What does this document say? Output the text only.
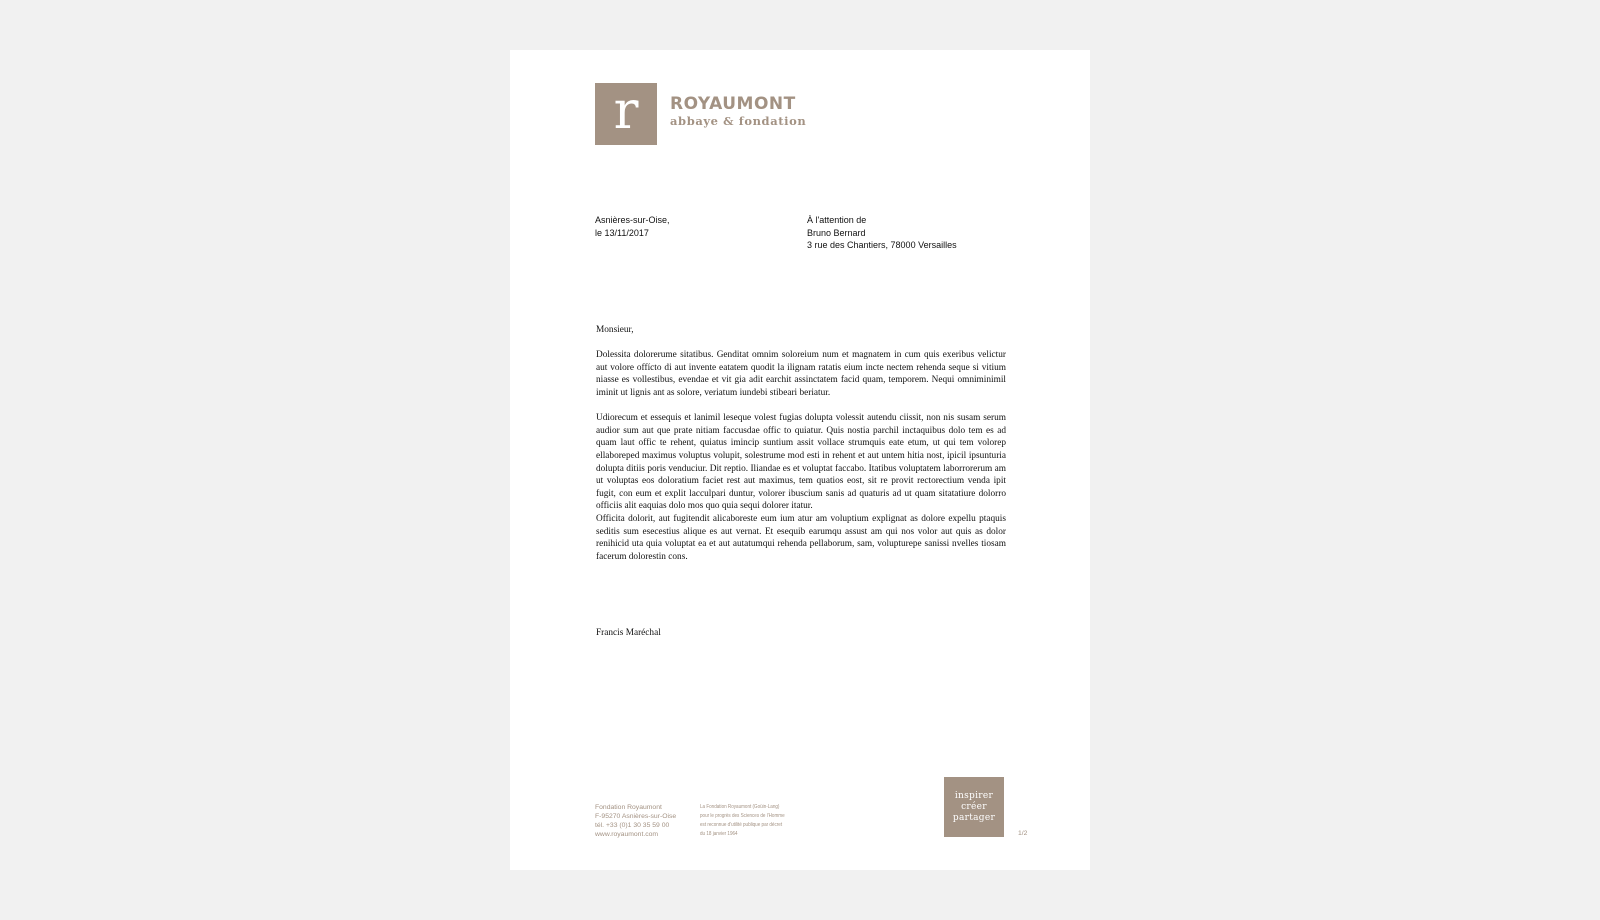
r	ROYAUMONT
abbaye & fondation
Asnières-sur-Oise,
le 13/11/2017
À l'attention de
Bruno Bernard
3 rue des Chantiers, 78000 Versailles

Monsieur,

Dolessita dolorerume sitatibus. Genditat omnim soloreium num et magnatem in cum quis exeribus velictur aut volore offícto di aut invente eatatem quodit la ilignam ratatis eium incte nectem rehenda seque si vitium niasse es vollestibus, evendae et vit gia adit earchit assinctatem facid quam, temporem. Nequi omniminimil iminit ut lignis ant as solore, veriatum iundebi stibeari beriatur.

Udiorecum et essequis et lanimil leseque volest fugias dolupta volessit autendu ciissit, non nis susam serum audior sum aut que prate nitiam faccusdae offic to quiatur. Quis nostia parchil inctaquibus dolo tem es ad quam laut offic te rehent, quiatus imincip suntium assit vollace strumquis eate etum, ut qui tem volorep ellaboreped maximus voluptus volupit, solestrume mod esti in rehent et aut untem hitia nost, ipicil ipsunturia dolupta ditiis poris venduciur. Dit reptio. Iliandae es et voluptat faccabo. Itatibus voluptatem laborrorerum am ut voluptas eos doloratium faciet rest aut maximus, tem quatios eost, sit re provit rectorectium venda ipit fugit, con eum et explit lacculpari duntur, volorer ibuscium sanis ad quaturis ad ut quam sitatatiure dolorro officiis alit eaquias dolo mos quo quia sequi dolorer itatur.

Officita dolorit, aut fugitendit alicaboreste eum ium atur am voluptium explignat as dolore expellu ptaquis seditis sum esecestius alique es aut vernat. Et esequib earumqu assust am qui nos volor aut quis as dolor renihicid uta quia voluptat ea et aut autatumqui rehenda pellaborum, sam, volupturepe sanissi nvelles tiosam facerum dolorestin cons.

Francis Maréchal
Fondation Royaumont
F-95270 Asnières-sur-Oise
tél. +33 (0)1 30 35 59 00
www.royaumont.com
La Fondation Royaumont (Goüin-Lang)
pour le progrès des Sciences de l'Homme
est reconnue d'utilité publique par décret
du 18 janvier 1964
inspirer
créer
partager
1/2
